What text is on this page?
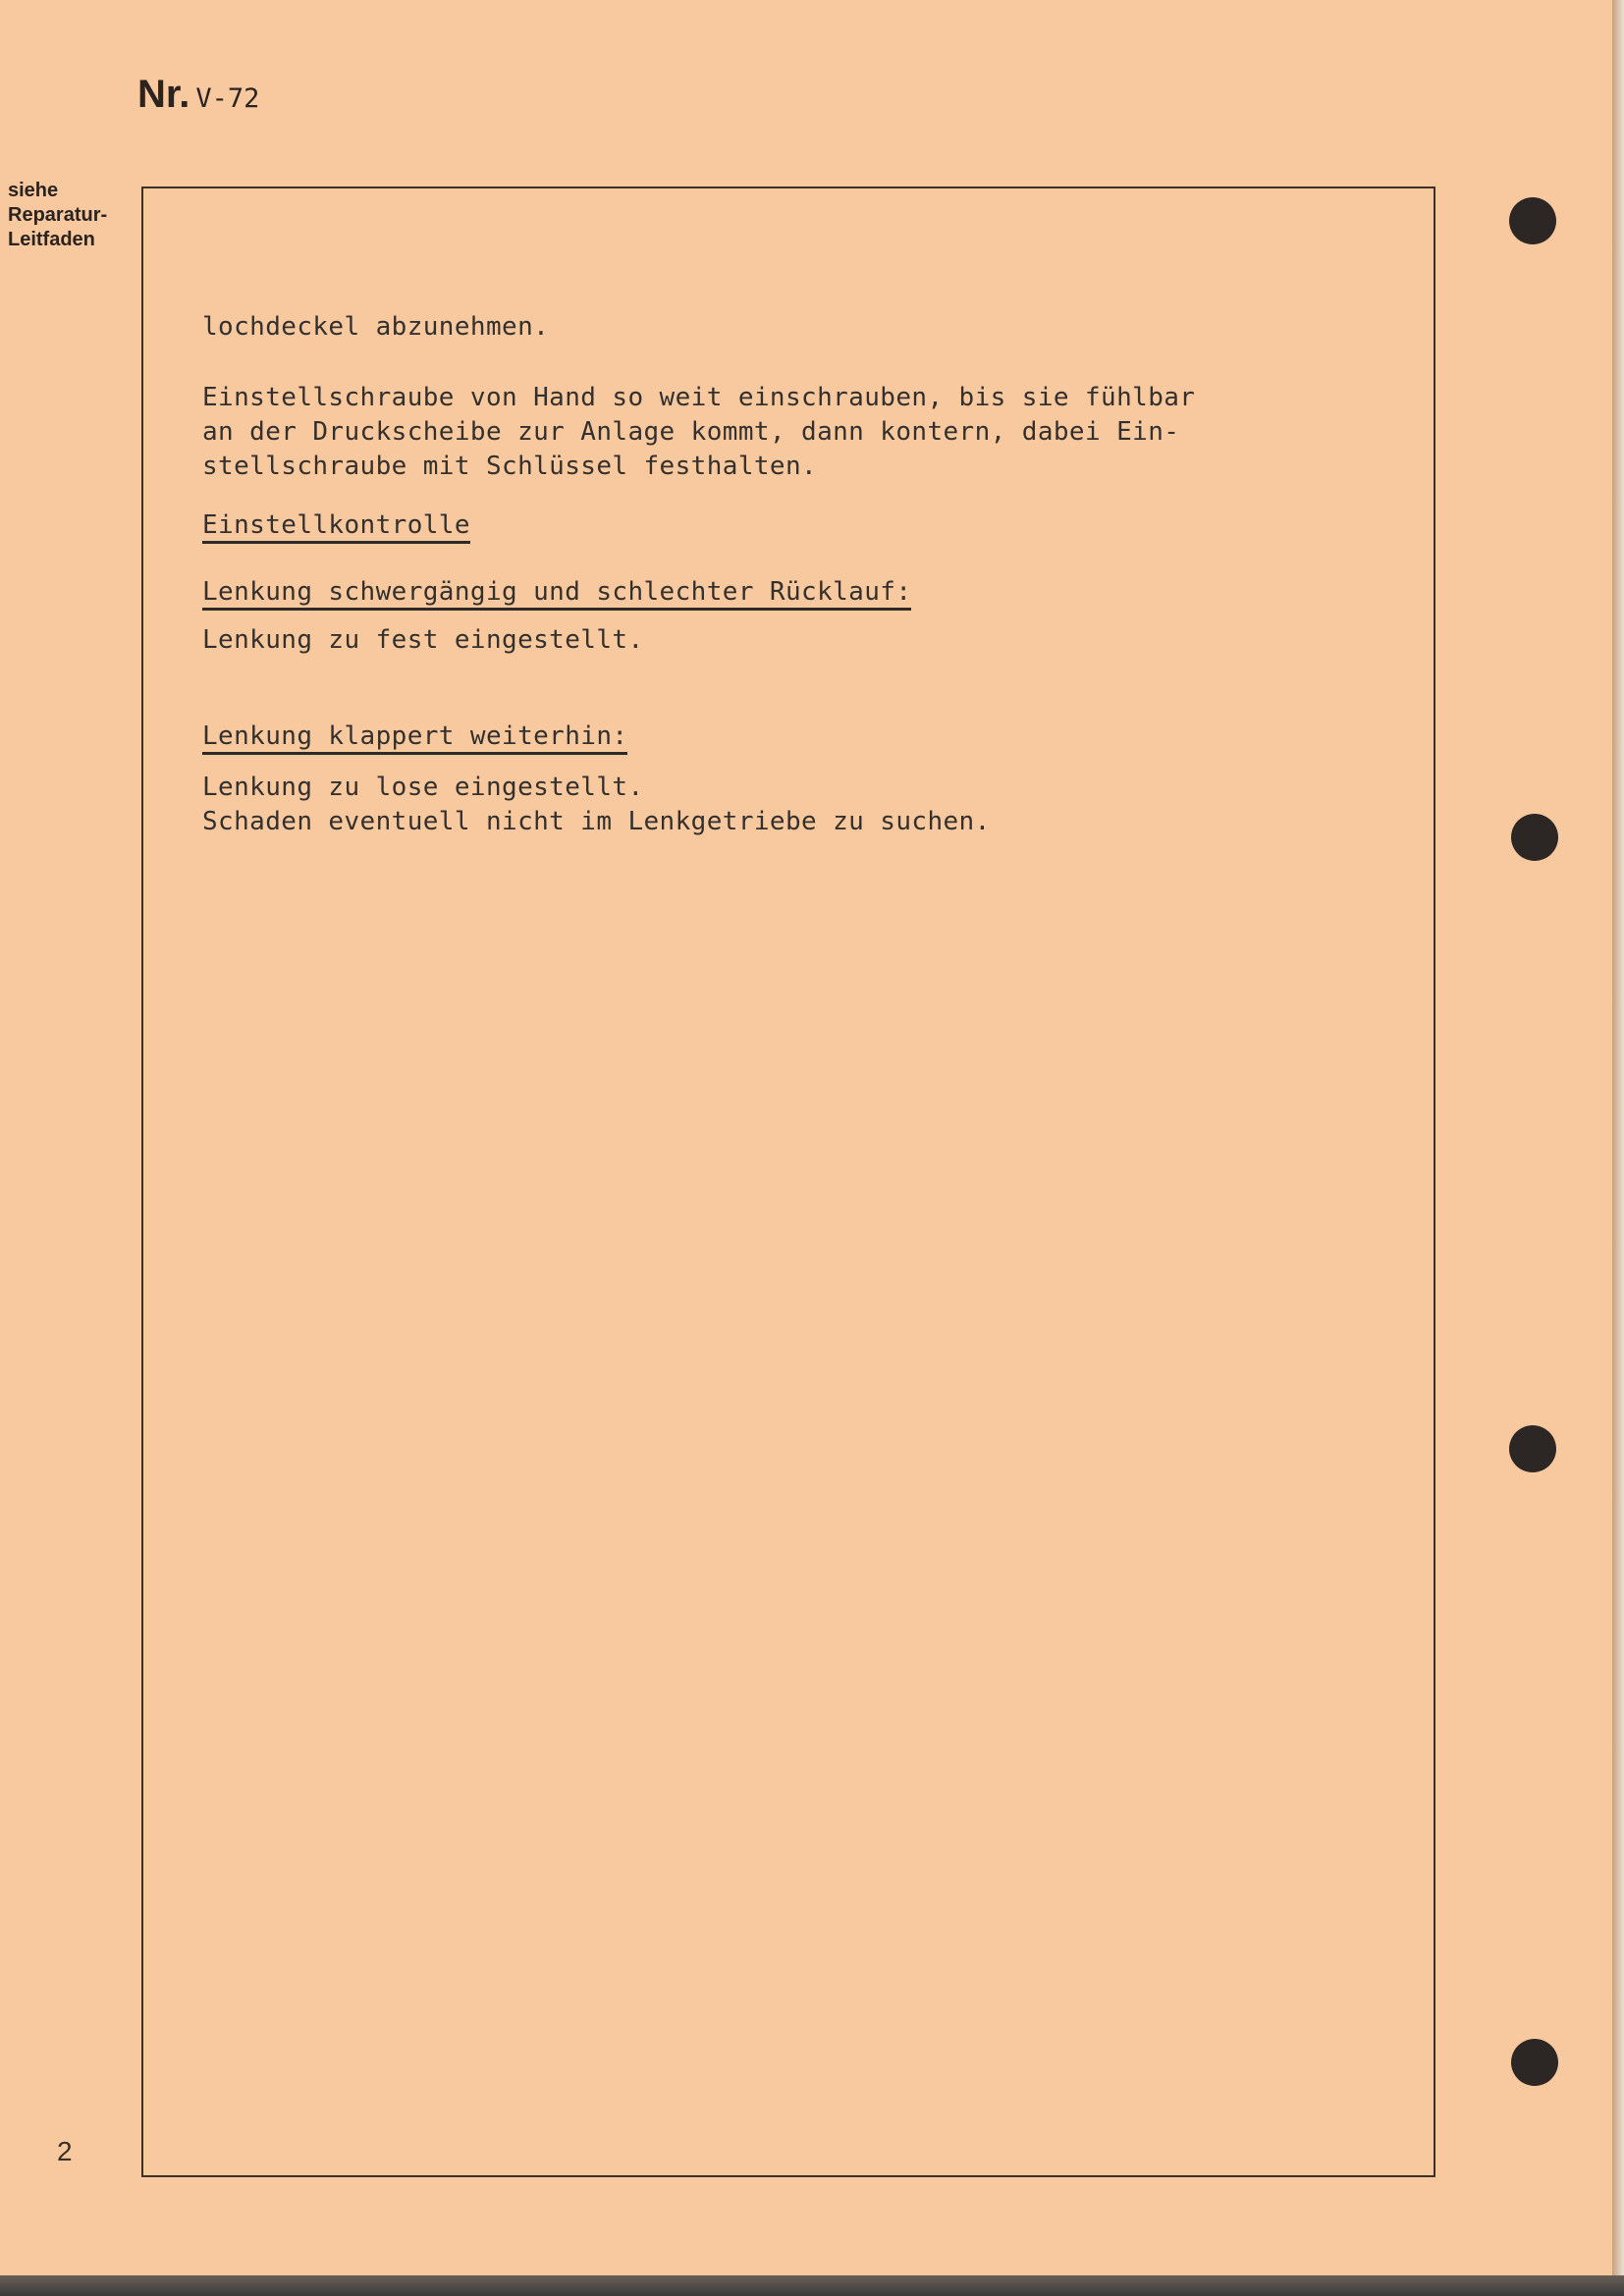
Nr. V-72
siehe
Reparatur-
Leitfaden
lochdeckel abzunehmen.
Einstellschraube von Hand so weit einschrauben, bis sie fühlbar
an der Druckscheibe zur Anlage kommt, dann kontern, dabei Ein-
stellschraube mit Schlüssel festhalten.
Einstellkontrolle
Lenkung schwergängig und schlechter Rücklauf:
Lenkung zu fest eingestellt.
Lenkung klappert weiterhin:
Lenkung zu lose eingestellt.
Schaden eventuell nicht im Lenkgetriebe zu suchen.
2
